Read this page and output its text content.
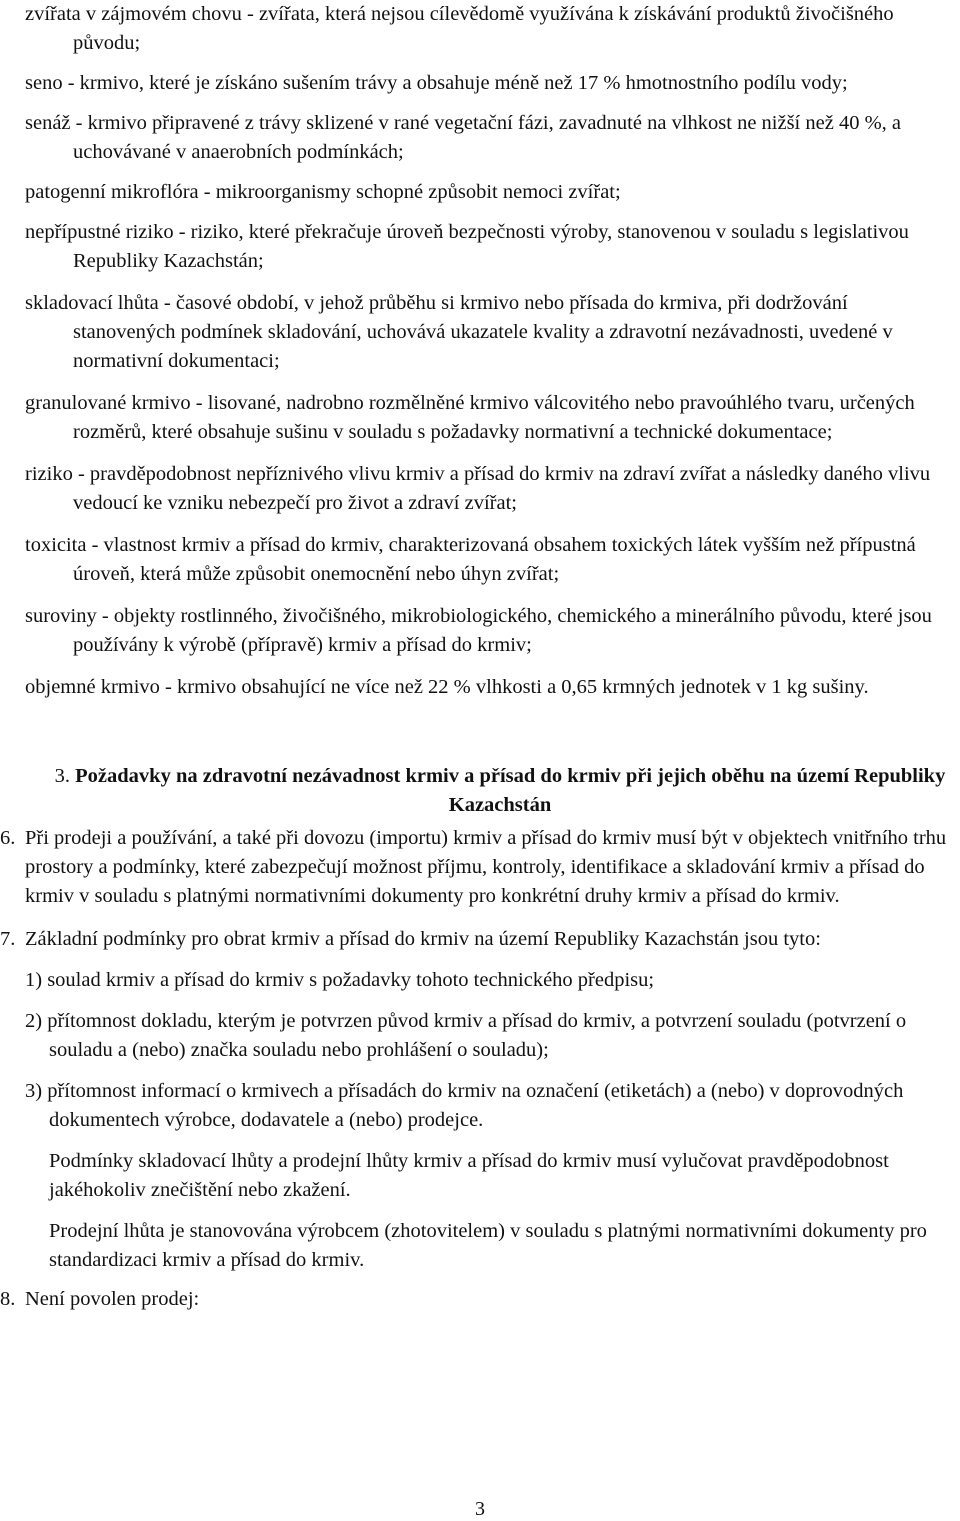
zvířata v zájmovém chovu - zvířata, která nejsou cílevědomě využívána k získávání produktů živočišného původu;

seno - krmivo, které je získáno sušením trávy a obsahuje méně než 17 % hmotnostního podílu vody;

senáž - krmivo připravené z trávy sklizené v rané vegetační fázi, zavadnuté na vlhkost ne nižší než 40 %, a uchovávané v anaerobních podmínkách;

patogenní mikroflóra - mikroorganismy schopné způsobit nemoci zvířat;

nepřípustné riziko - riziko, které překračuje úroveň bezpečnosti výroby, stanovenou v souladu s legislativou Republiky Kazachstán;

skladovací lhůta - časové období, v jehož průběhu si krmivo nebo přísada do krmiva, při dodržování stanovených podmínek skladování, uchovává ukazatele kvality a zdravotní nezávadnosti, uvedené v normativní dokumentaci;

granulované krmivo - lisované, nadrobno rozmělněné krmivo válcovitého nebo pravoúhlého tvaru, určených rozměrů, které obsahuje sušinu v souladu s požadavky normativní a technické dokumentace;

riziko - pravděpodobnost nepříznivého vlivu krmiv a přísad do krmiv na zdraví zvířat a následky daného vlivu vedoucí ke vzniku nebezpečí pro život a zdraví zvířat;

toxicita - vlastnost krmiv a přísad do krmiv, charakterizovaná obsahem toxických látek vyšším než přípustná úroveň, která může způsobit onemocnění nebo úhyn zvířat;

suroviny - objekty rostlinného, živočišného, mikrobiologického, chemického a minerálního původu, které jsou používány k výrobě (přípravě) krmiv a přísad do krmiv;

objemné krmivo - krmivo obsahující ne více než 22 % vlhkosti a 0,65 krmných jednotek v 1 kg sušiny.

3. Požadavky na zdravotní nezávadnost krmiv a přísad do krmiv při jejich oběhu na území Republiky Kazachstán
6. Při prodeji a používání, a také při dovozu (importu) krmiv a přísad do krmiv musí být v objektech vnitřního trhu prostory a podmínky, které zabezpečují možnost příjmu, kontroly, identifikace a skladování krmiv a přísad do krmiv v souladu s platnými normativními dokumenty pro konkrétní druhy krmiv a přísad do krmiv.
7. Základní podmínky pro obrat krmiv a přísad do krmiv na území Republiky Kazachstán jsou tyto:

1) soulad krmiv a přísad do krmiv s požadavky tohoto technického předpisu;

2) přítomnost dokladu, kterým je potvrzen původ krmiv a přísad do krmiv, a potvrzení souladu (potvrzení o souladu a (nebo) značka souladu nebo prohlášení o souladu);

3) přítomnost informací o krmivech a přísadách do krmiv na označení (etiketách) a (nebo) v doprovodných dokumentech výrobce, dodavatele a (nebo) prodejce.

Podmínky skladovací lhůty a prodejní lhůty krmiv a přísad do krmiv musí vylučovat pravděpodobnost jakéhokoliv znečištění nebo zkažení.

Prodejní lhůta je stanovována výrobcem (zhotovitelem) v souladu s platnými normativními dokumenty pro standardizaci krmiv a přísad do krmiv.

8. Není povolen prodej:
3
